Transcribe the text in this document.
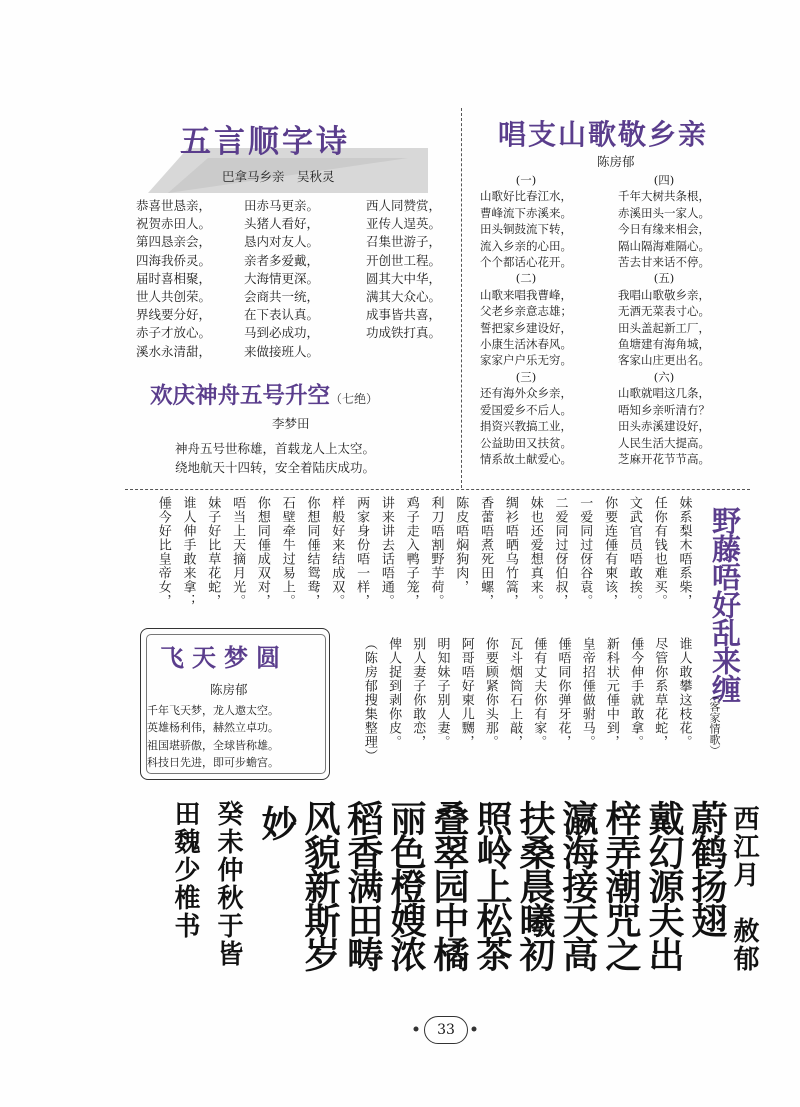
五言顺字诗
巴拿马乡亲　吴秋灵
恭喜世恳亲，	田赤马更亲。	西人同赞赏，
祝贺赤田人。	头猪人看好，	亚传人逞英。
第四恳亲会，	恳内对友人。	召集世游子，
四海我侨灵。	亲者多爱戴，	开创世工程。
届时喜相聚，	大海情更深。	圆其大中华，
世人共创荣。	会商共一统，	满其大众心。
界线要分好，	在下表认真。	成事皆共喜，
赤子才放心。	马到必成功，	功成铁打真。
溪水永清甜，	来做接班人。
唱支山歌敬乡亲
陈房郁
(一)
山歌好比春江水，
曹峰流下赤溪来。
田头铜鼓流下转，
流入乡亲的心田。
个个都话心花开。
(二)
山歌来唱我曹峰，
父老乡亲意志雄；
誓把家乡建设好，
小康生活沐春风。
家家户户乐无穷。
(三)
还有海外众乡亲，
爱国爱乡不后人。
捐资兴教搞工业，
公益助田又扶贫。
情系故土献爱心。
(四)
千年大树共条根，
赤溪田头一家人。
今日有缘来相会，
隔山隔海难隔心。
苦去甘来话不停。
(五)
我唱山歌敬乡亲，
无酒无菜表寸心。
田头盖起新工厂，
鱼塘建有海角城，
客家山庄更出名。
(六)
山歌就唱这几条，
唔知乡亲听清冇？
田头赤溪建设好，
人民生活大提高。
芝麻开花节节高。
欢庆神舟五号升空（七绝）
李梦田
神舟五号世称雄，首载龙人上太空。
绕地航天十四转，安全着陆庆成功。
野藤唔好乱来缠
（客家情歌）
妹系梨木唔系柴，
任你有钱也难买。
文武官员唔敢挨。
你要连倕有柬该，
一爱同过伢谷袁。
二爱同过伢伯叔，
妹也还爱想真来。
绸衫唔晒乌竹篙，
香蕾唔煮死田螺，
陈皮唔焖狗肉，
利刀唔割野芋荷。
鸡子走入鸭子笼，
讲来讲去话唔通。
两家身份唔一样，
样般好来结成双。
你想同倕结鸳鸯，
石壁牵牛过易上。
你想同倕成双对，
唔当上天摘月光。
妹子好比草花蛇，
谁人伸手敢来拿；
倕今好比皇帝女，
谁人敢攀这枝花。
尽管你系草花蛇，
倕今伸手就敢拿。
新科状元倕中到，
皇帝招倕做驸马。
倕唔同你弹牙花，
倕有丈夫你有家。
瓦斗烟筒石上敲，
你要顾紧你头那。
阿哥唔好柬儿嬲，
明知妹子别人妻。
别人妻子你敢恋，
俾人捉到剥你皮。
（陈房郁搜集整理）
飞天梦圆
陈房郁
千年飞天梦，龙人遨太空。
英雄杨利伟，赫然立卓功。
祖国堪骄傲，全球皆称雄。
科技日先进，即可步蟾宫。
西江月　赦郁
蔚鹤扬翅
戴幻源夫出
梓弄潮咒之
瀛海接天高
扶桑晨曦初
照岭上松茶
叠翠园中橘
丽色橙嫂浓
稻香满田畴
风貌新斯岁
妙
癸未仲秋于皆
田魏少椎书
33
